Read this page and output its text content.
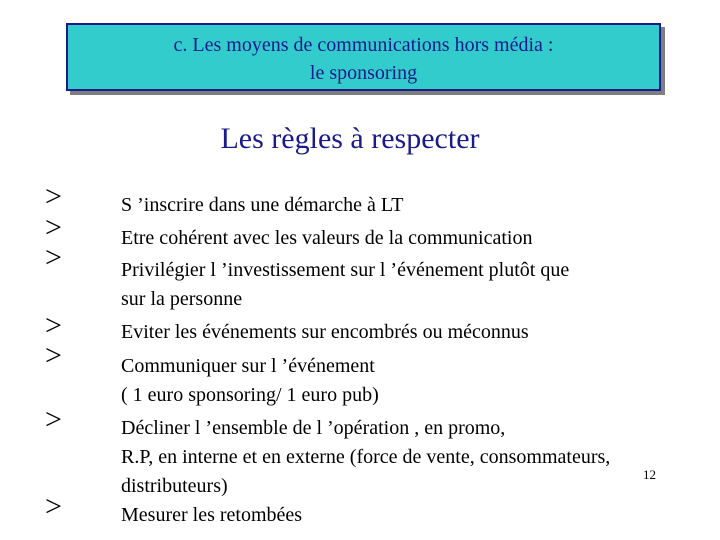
c. Les moyens de communications hors média :
le sponsoring
Les règles à respecter
>
>
>
>
>
>
>
S ’inscrire dans une démarche à LT
Etre cohérent avec les valeurs de la communication
Privilégier l ’investissement sur l ’événement plutôt que
sur la personne
Eviter les événements sur encombrés ou méconnus
Communiquer sur l ’événement
( 1 euro sponsoring/ 1 euro pub)
Décliner l ’ensemble de l ’opération , en promo,
R.P, en interne et en externe (force de vente, consommateurs,
distributeurs)
Mesurer les retombées
12
